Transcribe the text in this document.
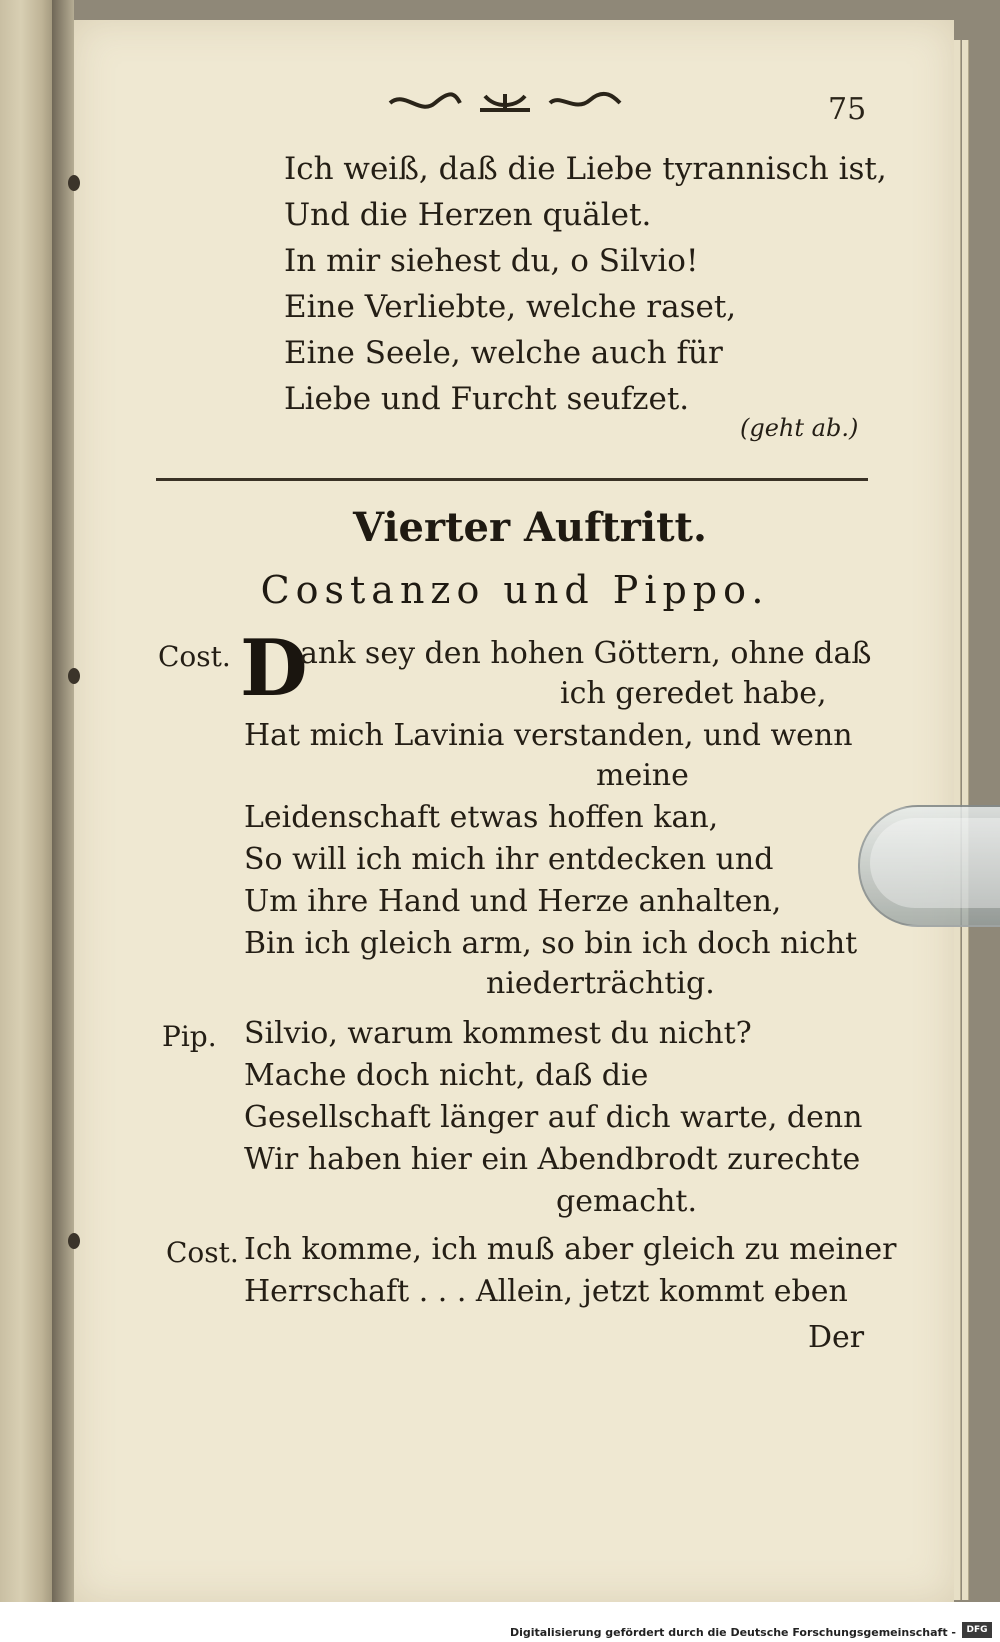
75
Ich weiß, daß die Liebe tyrannisch ist,
Und die Herzen quälet.
In mir siehest du, o Silvio!
Eine Verliebte, welche raset,
Eine Seele, welche auch für
Liebe und Furcht seufzet.
(geht ab.)
Vierter Auftritt.
Costanzo und Pippo.
Cost. D
ank sey den hohen Göttern, ohne daß
ich geredet habe,
Hat mich Lavinia verstanden, und wenn
meine
Leidenschaft etwas hoffen kan,
So will ich mich ihr entdecken und
Um ihre Hand und Herze anhalten,
Bin ich gleich arm, so bin ich doch nicht
niederträchtig.
Pip. Silvio, warum kommest du nicht?
Mache doch nicht, daß die
Gesellschaft länger auf dich warte, denn
Wir haben hier ein Abendbrodt zurechte
gemacht.
Cost. Ich komme, ich muß aber gleich zu meiner
Herrschaft . . . Allein, jetzt kommt eben
Der
Digitalisierung gefördert durch die Deutsche Forschungsgemeinschaft -	DFG
